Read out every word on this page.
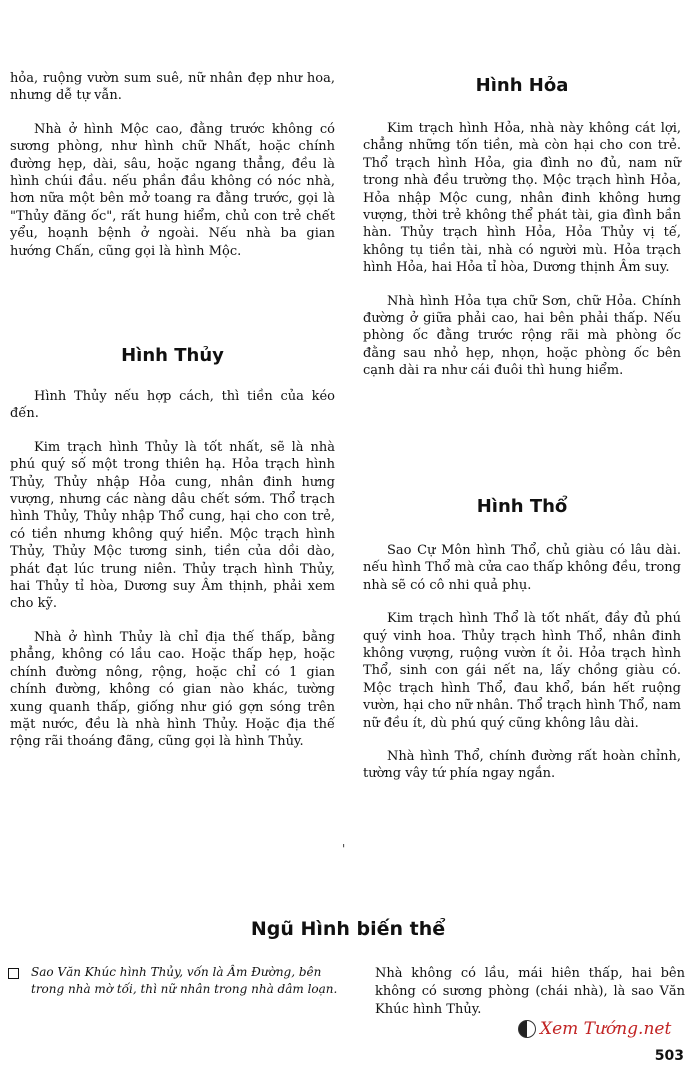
hỏa, ruộng vườn sum suê, nữ nhân đẹp như hoa, nhưng dễ tự vẫn.

Nhà ở hình Mộc cao, đằng trước không có sương phòng, như hình chữ Nhất, hoặc chính đường hẹp, dài, sâu, hoặc ngang thẳng, đều là hình chúi đầu. nếu phần đầu không có nóc nhà, hơn nữa một bên mở toang ra đằng trước, gọi là "Thủy đăng ốc", rất hung hiểm, chủ con trẻ chết yểu, hoạnh bệnh ở ngoài. Nếu nhà ba gian hướng Chấn, cũng gọi là hình Mộc.

Hình Thủy

Hình Thủy nếu hợp cách, thì tiền của kéo đến.

Kim trạch hình Thủy là tốt nhất, sẽ là nhà phú quý số một trong thiên hạ. Hỏa trạch hình Thủy, Thủy nhập Hỏa cung, nhân đinh hưng vượng, nhưng các nàng dâu chết sớm. Thổ trạch hình Thủy, Thủy nhập Thổ cung, hại cho con trẻ, có tiền nhưng không quý hiển. Mộc trạch hình Thủy, Thủy Mộc tương sinh, tiền của dồi dào, phát đạt lúc trung niên. Thủy trạch hình Thủy, hai Thủy tỉ hòa, Dương suy Âm thịnh, phải xem cho kỹ.

Nhà ở hình Thủy là chỉ địa thế thấp, bằng phẳng, không có lầu cao. Hoặc thấp hẹp, hoặc chính đường nông, rộng, hoặc chỉ có 1 gian chính đường, không có gian nào khác, tường xung quanh thấp, giống như gió gợn sóng trên mặt nước, đều là nhà hình Thủy. Hoặc địa thế rộng rãi thoáng đãng, cũng gọi là hình Thủy.

Hình Hỏa

Kim trạch hình Hỏa, nhà này không cát lợi, chẳng những tốn tiền, mà còn hại cho con trẻ. Thổ trạch hình Hỏa, gia đình no đủ, nam nữ trong nhà đều trường thọ. Mộc trạch hình Hỏa, Hỏa nhập Mộc cung, nhân đinh không hưng vượng, thời trẻ không thể phát tài, gia đình bần hàn. Thủy trạch hình Hỏa, Hỏa Thủy vị tế, không tụ tiền tài, nhà có người mù. Hỏa trạch hình Hỏa, hai Hỏa tỉ hòa, Dương thịnh Âm suy.

Nhà hình Hỏa tựa chữ Sơn, chữ Hỏa. Chính đường ở giữa phải cao, hai bên phải thấp. Nếu phòng ốc đằng trước rộng rãi mà phòng ốc đằng sau nhỏ hẹp, nhọn, hoặc phòng ốc bên cạnh dài ra như cái đuôi thì hung hiểm.

Hình Thổ

Sao Cự Môn hình Thổ, chủ giàu có lâu dài. nếu hình Thổ mà cửa cao thấp không đều, trong nhà sẽ có cô nhi quả phụ.

Kim trạch hình Thổ là tốt nhất, đầy đủ phú quý vinh hoa. Thủy trạch hình Thổ, nhân đinh không vượng, ruộng vườn ít ỏi. Hỏa trạch hình Thổ, sinh con gái nết na, lấy chồng giàu có. Mộc trạch hình Thổ, đau khổ, bán hết ruộng vườn, hại cho nữ nhân. Thổ trạch hình Thổ, nam nữ đều ít, dù phú quý cũng không lâu dài.

Nhà hình Thổ, chính đường rất hoàn chỉnh, tường vây tứ phía ngay ngắn.

'
Ngũ Hình biến thể

Sao Văn Khúc hình Thủy, vốn là Âm Đường, bên trong nhà mờ tối, thì nữ nhân trong nhà dâm loạn.

Nhà không có lầu, mái hiên thấp, hai bên không có sương phòng (chái nhà), là sao Văn Khúc hình Thủy.

Xem Tướng.net
503
